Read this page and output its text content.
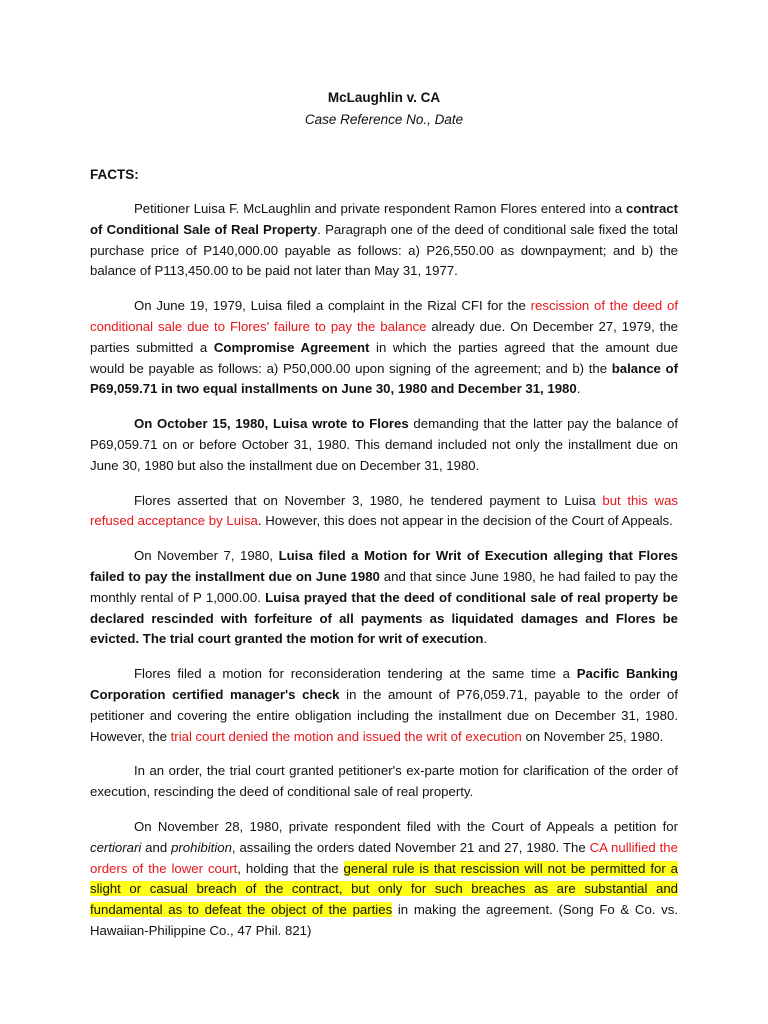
McLaughlin v. CA
Case Reference No., Date
FACTS:

Petitioner Luisa F. McLaughlin and private respondent Ramon Flores entered into a contract of Conditional Sale of Real Property. Paragraph one of the deed of conditional sale fixed the total purchase price of P140,000.00 payable as follows: a) P26,550.00 as downpayment; and b) the balance of P113,450.00 to be paid not later than May 31, 1977.

On June 19, 1979, Luisa filed a complaint in the Rizal CFI for the rescission of the deed of conditional sale due to Flores' failure to pay the balance already due. On December 27, 1979, the parties submitted a Compromise Agreement in which the parties agreed that the amount due would be payable as follows: a) P50,000.00 upon signing of the agreement; and b) the balance of P69,059.71 in two equal installments on June 30, 1980 and December 31, 1980.

On October 15, 1980, Luisa wrote to Flores demanding that the latter pay the balance of P69,059.71 on or before October 31, 1980. This demand included not only the installment due on June 30, 1980 but also the installment due on December 31, 1980.

Flores asserted that on November 3, 1980, he tendered payment to Luisa but this was refused acceptance by Luisa. However, this does not appear in the decision of the Court of Appeals.

On November 7, 1980, Luisa filed a Motion for Writ of Execution alleging that Flores failed to pay the installment due on June 1980 and that since June 1980, he had failed to pay the monthly rental of P 1,000.00. Luisa prayed that the deed of conditional sale of real property be declared rescinded with forfeiture of all payments as liquidated damages and Flores be evicted. The trial court granted the motion for writ of execution.

Flores filed a motion for reconsideration tendering at the same time a Pacific Banking Corporation certified manager's check in the amount of P76,059.71, payable to the order of petitioner and covering the entire obligation including the installment due on December 31, 1980. However, the trial court denied the motion and issued the writ of execution on November 25, 1980.

In an order, the trial court granted petitioner's ex-parte motion for clarification of the order of execution, rescinding the deed of conditional sale of real property.

On November 28, 1980, private respondent filed with the Court of Appeals a petition for certiorari and prohibition, assailing the orders dated November 21 and 27, 1980. The CA nullified the orders of the lower court, holding that the general rule is that rescission will not be permitted for a slight or casual breach of the contract, but only for such breaches as are substantial and fundamental as to defeat the object of the parties in making the agreement. (Song Fo & Co. vs. Hawaiian-Philippine Co., 47 Phil. 821)
